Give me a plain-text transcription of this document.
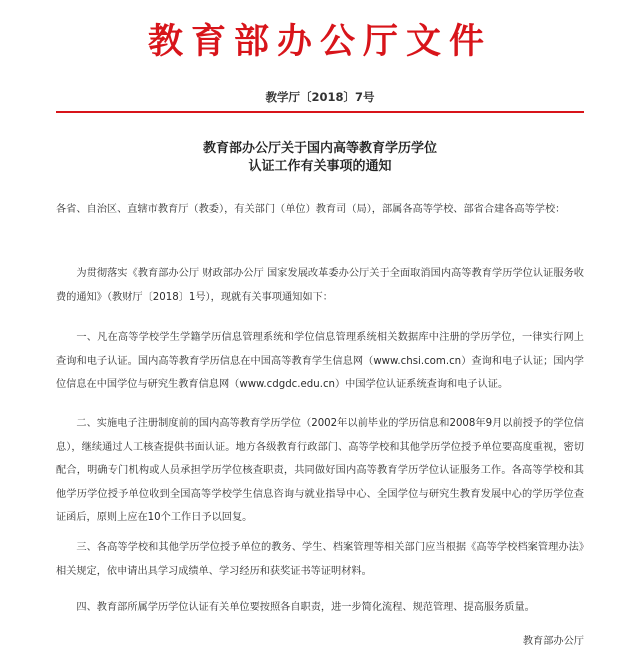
教育部办公厅文件
教学厅〔2018〕7号
教育部办公厅关于国内高等教育学历学位
认证工作有关事项的通知

各省、自治区、直辖市教育厅（教委），有关部门（单位）教育司（局），部属各高等学校、部省合建各高等学校：

为贯彻落实《教育部办公厅 财政部办公厅 国家发展改革委办公厅关于全面取消国内高等教育学历学位认证服务收费的通知》（教财厅〔2018〕1号），现就有关事项通知如下：

一、凡在高等学校学生学籍学历信息管理系统和学位信息管理系统相关数据库中注册的学历学位，一律实行网上查询和电子认证。国内高等教育学历信息在中国高等教育学生信息网（www.chsi.com.cn）查询和电子认证；国内学位信息在中国学位与研究生教育信息网（www.cdgdc.edu.cn）中国学位认证系统查询和电子认证。

二、实施电子注册制度前的国内高等教育学历学位（2002年以前毕业的学历信息和2008年9月以前授予的学位信息），继续通过人工核查提供书面认证。地方各级教育行政部门、高等学校和其他学历学位授予单位要高度重视，密切配合，明确专门机构或人员承担学历学位核查职责，共同做好国内高等教育学历学位认证服务工作。各高等学校和其他学历学位授予单位收到全国高等学校学生信息咨询与就业指导中心、全国学位与研究生教育发展中心的学历学位查证函后，原则上应在10个工作日予以回复。

三、各高等学校和其他学历学位授予单位的教务、学生、档案管理等相关部门应当根据《高等学校档案管理办法》相关规定，依申请出具学习成绩单、学习经历和获奖证书等证明材料。

四、教育部所属学历学位认证有关单位要按照各自职责，进一步简化流程、规范管理、提高服务质量。

教育部办公厅
